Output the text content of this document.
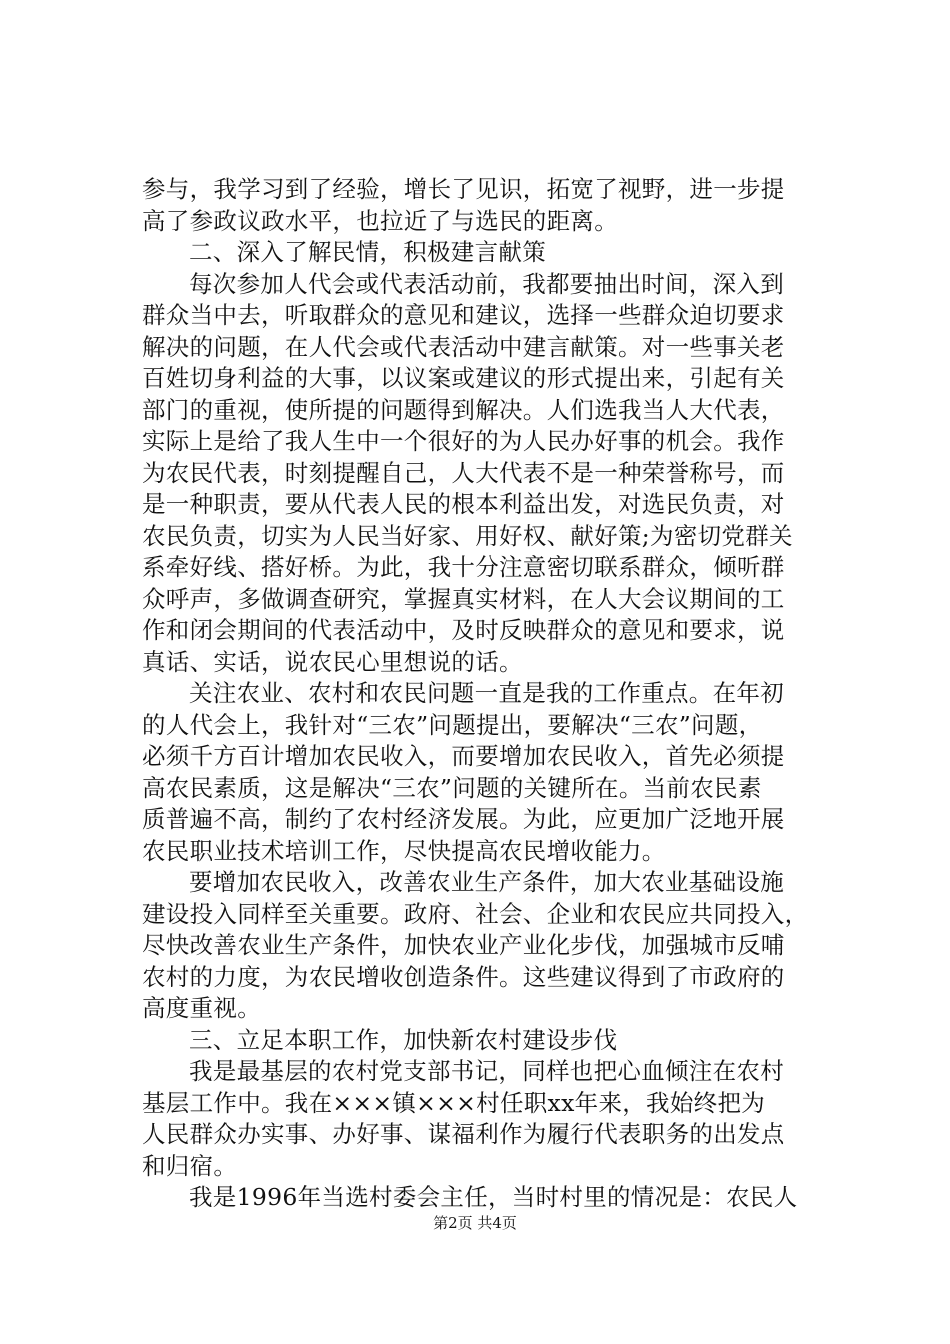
参与，我学习到了经验，增长了见识，拓宽了视野，进一步提
高了参政议政水平，也拉近了与选民的距离。
二、深入了解民情，积极建言献策
每次参加人代会或代表活动前，我都要抽出时间，深入到
群众当中去，听取群众的意见和建议，选择一些群众迫切要求
解决的问题，在人代会或代表活动中建言献策。对一些事关老
百姓切身利益的大事，以议案或建议的形式提出来，引起有关
部门的重视，使所提的问题得到解决。人们选我当人大代表，
实际上是给了我人生中一个很好的为人民办好事的机会。我作
为农民代表，时刻提醒自己，人大代表不是一种荣誉称号，而
是一种职责，要从代表人民的根本利益出发，对选民负责，对
农民负责，切实为人民当好家、用好权、献好策;为密切党群关
系牵好线、搭好桥。为此，我十分注意密切联系群众，倾听群
众呼声，多做调查研究，掌握真实材料，在人大会议期间的工
作和闭会期间的代表活动中，及时反映群众的意见和要求，说
真话、实话，说农民心里想说的话。
关注农业、农村和农民问题一直是我的工作重点。在年初
的人代会上，我针对“三农”问题提出，要解决“三农”问题，
必须千方百计增加农民收入，而要增加农民收入，首先必须提
高农民素质，这是解决“三农”问题的关键所在。当前农民素
质普遍不高，制约了农村经济发展。为此，应更加广泛地开展
农民职业技术培训工作，尽快提高农民增收能力。
要增加农民收入，改善农业生产条件，加大农业基础设施
建设投入同样至关重要。政府、社会、企业和农民应共同投入，
尽快改善农业生产条件，加快农业产业化步伐，加强城市反哺
农村的力度，为农民增收创造条件。这些建议得到了市政府的
高度重视。
三、立足本职工作，加快新农村建设步伐
我是最基层的农村党支部书记，同样也把心血倾注在农村
基层工作中。我在×××镇×××村任职xx年来，我始终把为
人民群众办实事、办好事、谋福利作为履行代表职务的出发点
和归宿。
我是1996年当选村委会主任，当时村里的情况是：农民人
第2页 共4页
